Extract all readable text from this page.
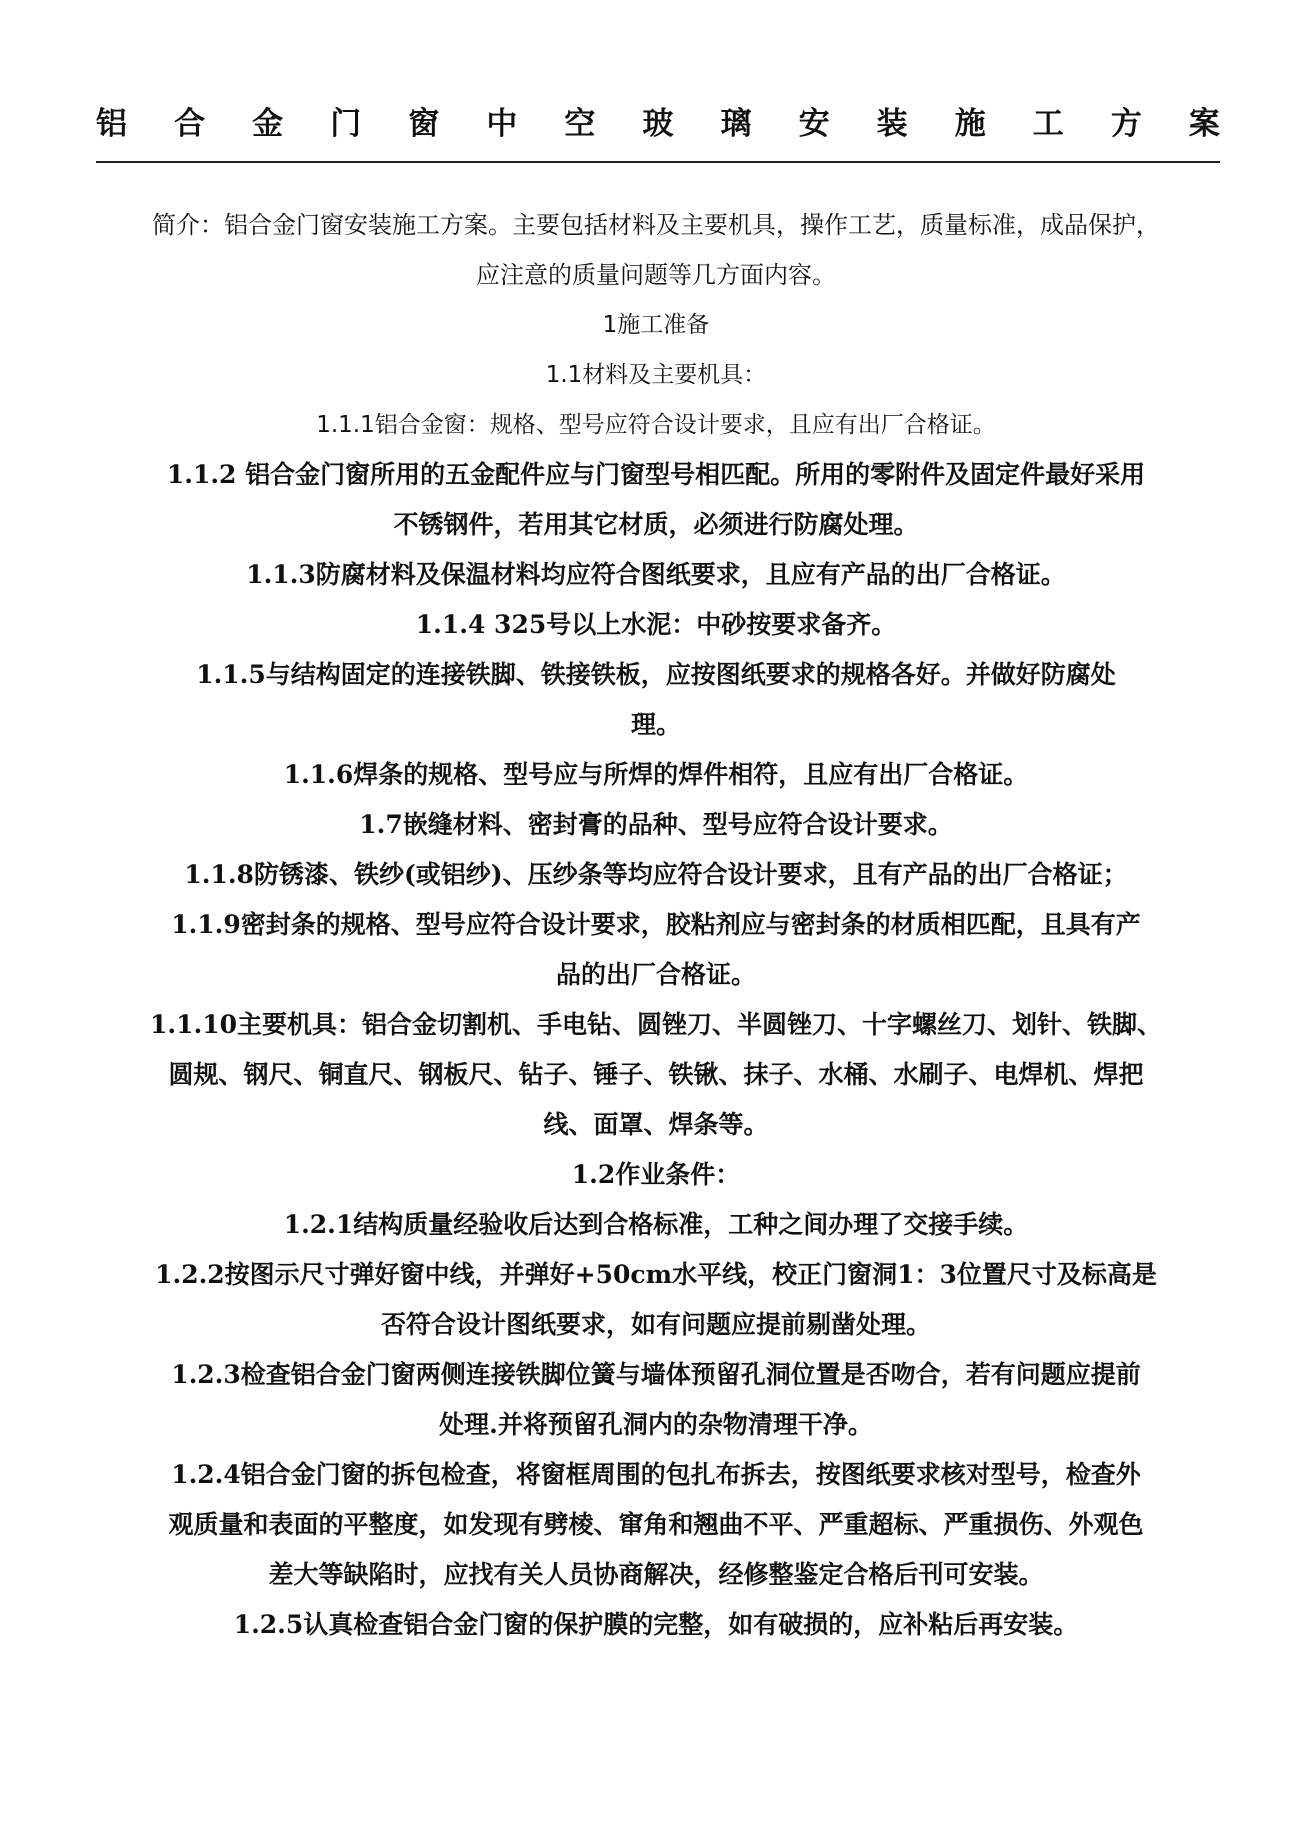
铝 合 金 门 窗 中 空 玻 璃 安 装 施 工 方 案

简介：铝合金门窗安装施工方案。主要包括材料及主要机具，操作工艺，质量标准，成品保护，

应注意的质量问题等几方面内容。

1施工准备

1.1材料及主要机具：

1.1.1铝合金窗：规格、型号应符合设计要求，且应有出厂合格证。

1.1.2 铝合金门窗所用的五金配件应与门窗型号相匹配。所用的零附件及固定件最好采用

不锈钢件，若用其它材质，必须进行防腐处理。

1.1.3防腐材料及保温材料均应符合图纸要求，且应有产品的出厂合格证。

1.1.4 325号以上水泥：中砂按要求备齐。

1.1.5与结构固定的连接铁脚、铁接铁板，应按图纸要求的规格各好。并做好防腐处

理。

1.1.6焊条的规格、型号应与所焊的焊件相符，且应有出厂合格证。

1.7嵌缝材料、密封膏的品种、型号应符合设计要求。

1.1.8防锈漆、铁纱(或铝纱)、压纱条等均应符合设计要求，且有产品的出厂合格证；

1.1.9密封条的规格、型号应符合设计要求，胶粘剂应与密封条的材质相匹配，且具有产

品的出厂合格证。

1.1.10主要机具：铝合金切割机、手电钻、圆锉刀、半圆锉刀、十字螺丝刀、划针、铁脚、

圆规、钢尺、铜直尺、钢板尺、钻子、锤子、铁锹、抹子、水桶、水刷子、电焊机、焊把

线、面罩、焊条等。

1.2作业条件：

1.2.1结构质量经验收后达到合格标准，工种之间办理了交接手续。

1.2.2按图示尺寸弹好窗中线，并弹好+50cm水平线，校正门窗洞1：3位置尺寸及标高是

否符合设计图纸要求，如有问题应提前剔凿处理。

1.2.3检查铝合金门窗两侧连接铁脚位簧与墙体预留孔洞位置是否吻合，若有问题应提前

处理.并将预留孔洞内的杂物清理干净。

1.2.4铝合金门窗的拆包检查，将窗框周围的包扎布拆去，按图纸要求核对型号，检查外

观质量和表面的平整度，如发现有劈棱、窜角和翘曲不平、严重超标、严重损伤、外观色

差大等缺陷时，应找有关人员协商解决，经修整鉴定合格后刊可安装。

1.2.5认真检查铝合金门窗的保护膜的完整，如有破损的，应补粘后再安装。
